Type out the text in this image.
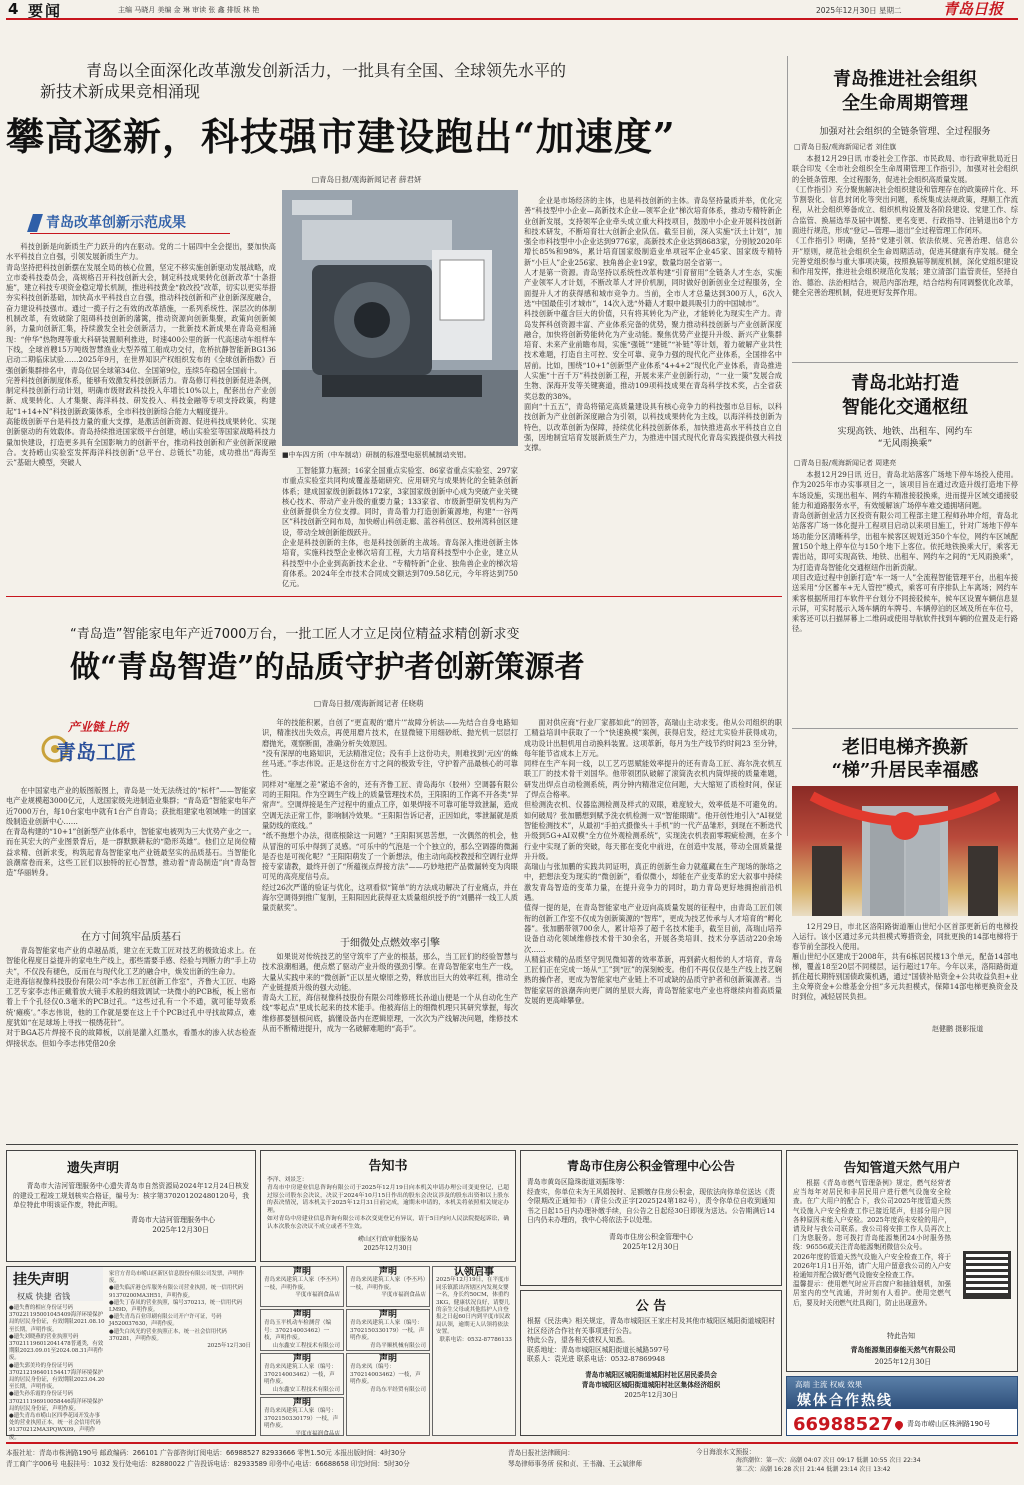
4 要闻	主编 马晓月 美编 金 琳 审读 张 鑫 排版 林 艳	2025年12月30日 星期二	青岛日报
青岛以全面深化改革激发创新活力，一批具有全国、全球领先水平的
新技术新成果竞相涌现
攀高逐新，科技强市建设跑出“加速度”
□青岛日报/观海新闻记者 薛君妍
青岛改革创新示范成果
科技创新是向新质生产力跃升的内在驱动。党的二十届四中全会提出，要加快高水平科技自立自强，引领发展新质生产力。
青岛坚持把科技创新摆在发展全局的核心位置，坚定不移实施创新驱动发展战略，成立市委科技委员会，高规格召开科技创新大会，制定科技成果转化创新改革“十条措施”，建立科技专项资金稳定增长机制，推进科技黄金“救改投”改革，切实以更实举措夯实科技创新基础，加快高水平科技自立自强，推动科技创新和产业创新深度融合，奋力建设科技强市。通过一揽子行之有效的改革措施，一系列系统性、深层次的体制机制改革，有效破除了阻碍科技创新的藩篱，推动资源向创新集聚，政策向创新倾斜，力量向创新汇集，持续激发全社会创新活力，一批新技术新成果在青岛竞相涌现：“仲华”热物理等重大科研装置顺利推进，时速400公里的新一代高速动车组样车下线，全球首艘15万吨级智慧渔业大型养殖工船成功交付，危桥抗静智能新BG136启动二期临床试验……2025年9月，在世界知识产权组织发布的《全球创新指数》百强创新集群排名中，青岛位居全球第34位、全国第9位，连续5年稳居全国前十。
完善科技创新制度体系，能够有效激发科技创新活力。青岛修订科技创新促进条例，制定科技创新行动计划，明确市级财政科技投入年增长10%以上，配套出台产业创新、成果转化、人才集聚、海洋科技、研发投入、科技金融等专项支持政策，构建起“1+14+N”科技创新政策体系，全市科技创新综合能力大幅度提升。
高能级创新平台是科技力量的重大支撑，是激活创新资源、促进科技成果转化、实现创新驱动的有效载体。青岛持续推进国家级平台创建，崂山实验室等国家战略科技力量加快建设，打造更多具有全国影响力的创新平台，推动科技创新和产业创新深度融合。支持崂山实验室发挥海洋科技创新“总平台、总链长”功能，成功推出“海海至云”基础大模型，突破人
■中车四方所（中车制动）研制的标准型电驱机械制动夹钳。
工智能算力瓶颈；16家全国重点实验室、86家省重点实验室、297家市重点实验室共同构成覆盖基础研究、应用研究与成果转化的全链条创新体系；建成国家级创新载体172家，3家国家级创新中心成为突破产业关键核心技术、带动产业升级的重要力量；133家省、市级新型研发机构为产业创新提供全方位支撑。同时，青岛着力打造创新策源地，构建“一谷两区”科技创新空间布局，加快崂山科创走廊、蓝谷科创区、胶州湾科创区建设，带动全域创新能级跃升。
企业是科技创新的主体，也是科技创新的主战场。青岛深入推进创新主体培育，实施科技型企业梯次培育工程，大力培育科技型中小企业，建立从科技型中小企业到高新技术企业、“专精特新”企业、独角兽企业的梯次培育体系。2024年全市技术合同成交额达到709.58亿元，今年将达到750亿元。
企业是市场经济的主体，也是科技创新的主体。青岛坚持量质并举，优化完善“科技型中小企业—高新技术企业—领军企业”梯次培育体系，推动专精特新企业创新发展，支持领军企业牵头成立重大科技项目，鼓励中小企业开展科技创新和技术研发，不断培育壮大创新企业队伍。截至目前，深入实施“沃土计划”，加强全市科技型中小企业达到9776家，高新技术企业达到8683家，分别较2020年增长85%和98%，累计培育国家级制造业单项冠军企业45家、国家级专精特新“小巨人”企业256家、独角兽企业19家，数量均居全省第一。
人才是第一资源。青岛坚持以系统性改革构建“引育留用”全链条人才生态，实施产业领军人才计划，不断改革人才评价机制，同时做好创新创业全过程服务，全面提升人才的获得感和城市竞争力。当前，全市人才总量达到300万人，6次入选“中国最佳引才城市”，14次入选“外籍人才眼中最具吸引力的中国城市”。
科技创新中蕴含巨大的价值，只有将其转化为产业，才能转化为现实生产力。青岛发挥科创资源丰富、产业体系完备的优势，聚力推动科技创新与产业创新深度融合，加快将创新势能转化为产业动能。聚焦优势产业提升升级、新兴产业集群培育、未来产业前瞻布局，实施“强链”“建链”“补链”等计划，着力破解产业共性技术难题，打造自主可控、安全可靠、竞争力强的现代化产业体系，全国排名中居前。比如，围绕“10+1”创新型产业体系“4+4+2”现代化产业体系，青岛推进人实施“十百千万”科技创新工程，开展未来产业创新行动，“一业一策”发展合成生物、深海开发等关键赛道，推动109项科技成果在青岛科学技术奖，占全省获奖总数的38%。
面向“十五五”，青岛将锚定高质量建设具有核心竞争力的科技强市总目标，以科技创新为产业创新深度融合为引领，以科技成果转化为主线，以海洋科技创新为特色，以改革创新为保障，持续优化科技创新体系，加快推进高水平科技自立自强，因地制宜培育发展新质生产力，为推进中国式现代化青岛实践提供强大科技支撑。
青岛推进社会组织
全生命周期管理
加强对社会组织的全链条管理、全过程服务
□青岛日报/观海新闻记者 刘佳旗
本报12月29日讯 市委社会工作部、市民政局、市行政审批局近日联合印发《全市社会组织全生命周期管理工作指引》，加强对社会组织的全链条管理、全过程服务，促进社会组织高质量发展。
《工作指引》充分聚焦解决社会组织建设和管理存在的政策碎片化、环节割裂化、信息封闭化等突出问题，系统集成法规政策，理顺工作流程，从社会组织筹备成立、组织机构设置及各阶段建设、党建工作、综合监管、换届选举及届中调整、更名变更、行政指导、注销退出8个方面进行规范，形成“登记—管理—退出”全过程管理工作闭环。
《工作指引》明确，坚持“党建引领、依法依规、完善治理、信息公开”原则，规范社会组织全生命周期活动，促进其健康有序发展。健全完善党组织参与重大事项决策，按照换届等制度机制，深化党组织建设和作用发挥，推进社会组织规范化发展；建立清部门监管责任，坚持自治、德治、法治相结合，规范内部治理，结合结构有同调整优化改革，健全完善治理机制，促进更好发挥作用。
青岛北站打造
智能化交通枢纽
实现高铁、地铁、出租车、网约车
“无风雨换乘”
□青岛日报/观海新闻记者 周建亮
本报12月29日讯 近日，青岛北站落客广场地下停车场投入使用。作为2025年市办实事项目之一，该项目旨在通过改造升级打造地下停车场设施，实现出租车、网约车精准接驳换乘，进而提升区域交通接驳能力和道路服务水平，有效缓解该广场停车难交通拥堵问题。
青岛创新创业活力区投资有限公司工程部主建工程师孙坤介绍，青岛北站落客广场一体化提升工程项目启动以来项目施工，针对广场地下停车场功能分区清晰科学，出租车候客区规划近350个车位，网约车区域配置150个地上停车位与150个地下上客位。依托地铁换乘大厅，乘客无需出站，即可实现高铁、地铁、出租车、网约车之间的“无风雨换乘”，为打造青岛智能化交通枢纽作出新贡献。
项目改造过程中创新打造“车一场一人”全流程智能管理平台，出租车接送采用“分区蓄车+无人管控”模式，乘客可有序排队上车离场；网约车乘客根据所用打车软件平台划分不同接驳候车，候车区设置车辆信息显示屏，可实时展示入场车辆的车牌号、车辆停泊的区域及所在车位号，乘客还可以扫描屏幕上二维码或使用导航软件找到车辆的位置及走行路径。
老旧电梯齐换新
“梯”升居民幸福感
12月29日，市北区洛阳路街道雁山世纪小区首部更新后的电梯投入运行。该小区通过多元共担模式筹措资金，同批更换的14部电梯将于春节前全部投入使用。
雁山世纪小区建成于2008年，共有6栋居民楼13个单元，配备14部电梯，覆盖18至20层不同楼层，运行超过17年。今年以来，洛阳路街道抓住超长期特别国债政策机遇，通过“国债补贴资金+公共收益负担+业主众筹资金+公维基金分担”多元共担模式，保障14部电梯更换资金及时到位，减轻居民负担。
赵健鹏 摄影报道
“青岛造”智能家电年产近7000万台，一批工匠人才立足岗位精益求精创新求变
做“青岛智造”的品质守护者创新策源者
□青岛日报/观海新闻记者 任晓萌
产业链上的
青岛工匠
在中国家电产业的版图版图上，青岛是一处无法绕过的“标杆”——智能家电产业规模超3000亿元，人选国家级先进制造业集群；“青岛造”智能家电年产近7000万台，每10台家电中就有1台产自青岛；获批组建家电领域唯一的国家级制造业创新中心……
在青岛构建的“10+1”创新型产业体系中，智能家电被列为三大优势产业之一。而在其宏大的产业图景背后，是一群默默耕耘的“隐形英雄”。他们立足岗位精益求精、创新求变，构筑起青岛智能家电产业链最坚实的品质基石。当智能化浪潮席卷而来，这些工匠们以独特的匠心智慧，推动着“青岛制造”向“青岛智造”华丽转身。
在方寸间筑牢品质基石
青岛智能家电产业的卓越品质，建立在无数工匠对技艺的极致追求上。在智能化程度日益提升的家电生产线上，那些需要手感、经验与判断力的“手上功夫”，不仅没有褪色，反而在与现代化工艺的融合中，焕发出新的生命力。
走进海信视像科技股份有限公司“李志伟工匠创新工作室”，齐鲁大工匠、电路工艺专家李志伟正戴着放大镜手术般的细致调试一块微小的PCB板，板上密布着上千个孔径仅0.3毫米的PCB过孔。“这些过孔有一个不通，就可能导致系统‘瘫痪’。”李志伟说，他的工作就是要在这上千个PCB过孔中寻找故障点，难度犹如“在足球场上寻找一根绣花针”。
对于BGA芯片焊接不良的故障板，以前是灌入红墨水，看墨水的渗入状态检查焊接状态。但如今李志伟凭借20余
年的技能积累，自创了“更直观的‘磨片’”故障分析法——先结合自身电路知识，精准找出失效点，再使用磨片技术，在显微镜下用细砂纸、抛光机一层层打磨抛光，观察断面，准确分析失效原因。
“没有深厚的电路知识，无法精准定位；没有手上这份功夫，则难找到‘元凶’的蛛丝马迹。”李志伟说。正是这份在方寸之间的极致专注，守护着产品最核心的可靠性。
同样对“毫厘之差”紧追不舍的，还有齐鲁工匠、青岛海尔（胶州）空调器有限公司的王阳阳。作为空调生产线上的质量管理技术员，王阳阳的工作离不开各类“异常声”。空调焊接是生产过程中的重点工序，如果焊接不可靠可能导致泄漏，造成空调无法正常工作，影响制冷效果。“王阳阳告诉记者，正因如此，零泄漏就是质量防线的底线。”
“纸不拖想个办法，彻底根除这一问题？”王阳阳冥思苦想，一次偶然的机会，他从冒泡的可乐中得到了灵感。“可乐中的气泡是一个个独立的，那么空调器的微漏是否也是可视化呢？”王阳阳萌发了一个新想法，他主动向高校教授和空调行业焊接专家请教，最终开创了“所蕴视点焊接方法”——巧妙地把产品微漏转变为肉眼可见的高亮度信号点。
经过26次严谨的验证与优化，这项看似“简单”的方法成功解决了行业痛点，并在海尔空调得到推广复制，王阳阳因此获得亚太质量组织授予的“刘鹏祥一线工人质量贡献奖”。
于细微处点燃效率引擎
如果说对传统技艺的坚守筑牢了产业的根基，那么，当工匠们的经验智慧与技术浪潮相遇，便点燃了驱动产业升级的强劲引擎。在青岛智能家电生产一线，大量从实践中来的“微创新”正以星火燎原之势，释放出巨大的效率红利，推动全产业链提质升级的强大动能。
青岛大工匠，海信视像科技股份有限公司维修班长孙道山便是一个从自动化生产线“零起点”里成长起来的技术能手。他被海信上的细微机理只其研究掌握，每次维修都要刨根问底，搞懂设备内在逻辑原理，一次次为产线解决问题，维修技术从而不断精进提升，成为一名破解难题的“高手”。
面对供应商“行业厂家都如此”的回答，高瑞山主动求变。他从公司组织的职工精益培训中获取了一个“快速换模”案例，获得启发，经过尤实验并获得成功，成功设计出胆机用自动换料装置。这项革新，每月为生产线节约时间23 至分钟，每年能节省成本上万元。
同样在生产车间一线，以工艺巧思赋能效率提升的还有青岛工匠、海尔洗衣机互联工厂的技术骨干刘国华。他带领团队破解了滚筒洗衣机内筒焊接的质量难题，研发出焊点自动检测系统，两分钟内精准定位问题，大大缩短了质检时间，保证了焊点合格率。
但检测洗衣机、仪器监测检测及样式的双眼，难度较大，效率低是不可避免的。如何破局？张加鹏想到赋予洗衣机检测一双“智能眼睛”。他开创性地引入“AI视觉智能检测技术”，从最初“手拍式摄像头＋手机”的一代产品雏形，到现在不断迭代升级到5G+AI双模“全方位外观检测系统”，实现洗衣机表面零瑕疵检测，在多个行业中实现了新的突破，每天都在变化中前进，在创造中发展，带动全面质量提升升级。
高瑞山与张加鹏的实践共同证明，真正的创新生命力就蕴藏在生产现场的脉络之中，把想法变为现实的“微创新”，看似微小，却能在产业变革的宏大叙事中持续激发青岛智造的变革力量，在提升竞争力的同时，助力青岛更好地拥抱前沿机遇。
值得一提的是，在青岛智能家电产业迈向高质量发展的征程中，由青岛工匠们领衔的创新工作室不仅成为创新策源的“智库”，更成为技艺传承与人才培育的“孵化器”。张加鹏带领700余人，累计培养了超千名技术能手，截至目前，高瑞山培养设备自动化领域维修技术骨干30余名，开展各类培训、技术分享活动220余场次……
从精益求精的品质坚守到见微知著的效率革新，再到薪火相传的人才培育，青岛工匠们正在完成一场从“工”到“匠”的深刻蜕变。他们不再仅仅是生产线上技艺娴熟的操作者，更成为智能家电产业链上不可或缺的品质守护者和创新策源者。当智能家居的浪潮奔向更广阔的星辰大海，青岛智能家电产业也将继续向着高质量发展的更高峰攀登。
遗失声明
青岛市大洁河管理服务中心遗失青岛市自然资源局2024年12月24日核发的建设工程竣工规划核实合格证，编号为：核字第370201202480120号，我单位特此申明该证作废，特此声明。
青岛市大洁河管理服务中心
2025年12月30日
挂失声明
权威 快捷 省钱
●遗失曹的相应身份证号码370221195001045409海洋环境保护局的居民身份证，有效期限2021.08.10至长期，声明作废。
●遗失刘晓燕的营业执照号码370211196012041478普通类，有效期限2023.09.01至2024.08.31声明作废。
●遗失郭美玲的身份证号码370212196401154417海洋环境保护局的居民身份证，有效期限2023.04.20至长期，声明作废。
●遗失孙乐霞的身份证号码370211196910058446海洋环境保护局的居民身份证，声明作废。
●遗失青岛市崂山区四季花园开发办事处的营业执照正本，统一社会信用代码91370212MA3PQWX09，声明作废。
家官方青岛市崂山区新区信息股份有限公司发票，声明作废。
●遗失临沂港仓库服务有限公司营业执照，统一信用代码91370200MA3H51，声明作废。
●遗失丁春凤的营业执照，编号370213，统一信用代码LM9D，声明作废。
●遗失青岛百业印刷有限公司开户许可证，号码J4520037630，声明作废。
●遗失白凤光的营业执照正本，统一社会信用代码370281，声明作废。
2025年12月30日
告知书
李洋、刘景芝：
青岛市中房建业信息咨询有限公司于2025年12月19日向本机关申请办理公司变更登记，已超过原公司股东会决议，决议于2024年10月15日作出的股东会决议涉及的股东出资和以上股东的表决情况，请本机关于2025年12月31日前完成，逾期未申请的，本机关将依照相关规定办理。
如对青岛中房建业信息咨询有限公司本次变更登记有异议，请于5日内向人民法院提起诉讼，确认本次股东会决议不成立或者不生效。
崂山区行政审批服务局
2025年12月30日
声明
青岛来凤建筑工人家（李丕玛）一枝，声明作废。
平度市福润食品店
声明
青岛玉平机动车检测营（编号：370214003462）一枝，声明作废。
山东鑫安工程技术有限公司
声明
青岛来凤建筑工人家（编号：370214003462）一枝，声明作废。
山东鑫安工程技术有限公司
声明
青岛来凤建筑工人家（编号：3702150330179）一枝，声明作废。
平度市福润食品店
声明
青岛来凤建筑工人家（李丕玛）一枝，声明作废。
平度市福润食品店
声明
青岛来凤建筑工人家（编号：3702150330179）一枝，声明作废。
青岛平顺机械有限公司
声明
青岛来凤（编号：370214003462）一枝，声明作废。
青岛东平经贸有限公司
认领启事
2025年12月19日，在平度市同乐镇派出所辖区内发现女婴一名，身长约50CM，体重约3KG，健康状况良好，请婴儿的亲生父母或其他监护人自登报之日起60日内到平度市民政局认领，逾期无人认领将依法安置。
联系电话：0532-87786133
青岛市住房公积金管理中心公告
青岛市黄岛区隐珠街道刘振珠等：
经查实，你单位未为王风娟按时、足额缴存住房公积金，现依法向你单位送达《责令限期改正通知书》（青住公改正字[2025]24第182号），责令你单位自收到通知书之日起15日内办理补缴手续，自公告之日起经30日即视为送达。公告期满后14日内仍未办理的，我中心将依法予以处理。
青岛市住房公积金管理中心
2025年12月30日
公 告
根据《民法典》相关规定，青岛市城阳区王家庄村及其他市城阳区城阳街道城阳村社区经济合作社有关事项进行公告。
特此公告，望各相关债权人知悉。
联系地址：青岛市城阳区城阳街道长城路597号
联系人：袁光进 联系电话：0532-87869948
青岛市城阳区城阳街道城阳村社区居民委员会
青岛市城阳区城阳街道城阳村社区集体经济组织
2025年12月30日
告知管道天然气用户
根据《青岛市燃气管理条例》规定，燃气经营者应当每年对居民和非居民用户进行燃气设施安全检查。在广大用户的配合下，我公司2025年度管道天然气设施入户安全检查工作已接近尾声，但部分用户因各种原因未能入户安检。2025年度尚未安检的用户，请及时与我公司联系。我公司将安排工作人员再次上门为您服务。您可拨打青岛能源集团24小时服务热线：96556或关注青岛能源集团微信公众号。
2026年度的管道天然气设施入户安全检查工作，将于2026年1月1日开始，请广大用户留意我公司的入户安检通知并配合做好燃气设施安全检查工作。
温馨提示：使用燃气时应开启窗户和抽油烟机，加强居室内的空气流通，并时刻有人看护。使用完燃气后，要及时关闭燃气灶具阀门，防止出现意外。
特此告知
青岛能源集团泰能天然气有限公司
2025年12月30日
高端 主流 权威 效果
媒体合作热线
66988527 青岛市崂山区株洲路190号
本报社址：青岛市株洲路190号 邮政编码：266101 广告部咨询订阅电话：66988527 82933666 零售1.50元 本报出版时间：4时30分
青工商广字006号 电报挂号：1032 发行处电话：82880022 广告投诉电话：82933589 印务中心电话：66688658 印完时间：5时30分
青岛日报社法律顾问：
琴岛律师事务所 侯和贞、王书瀚、王云斌律师
今日海浪水文预报：
海滨潮位：第一次：高潮 04:07 次日 09:17 低潮 10:55 次日 22:34
第二次：高潮 16:28 次日 21:44 低潮 23:14 次日 13:42
